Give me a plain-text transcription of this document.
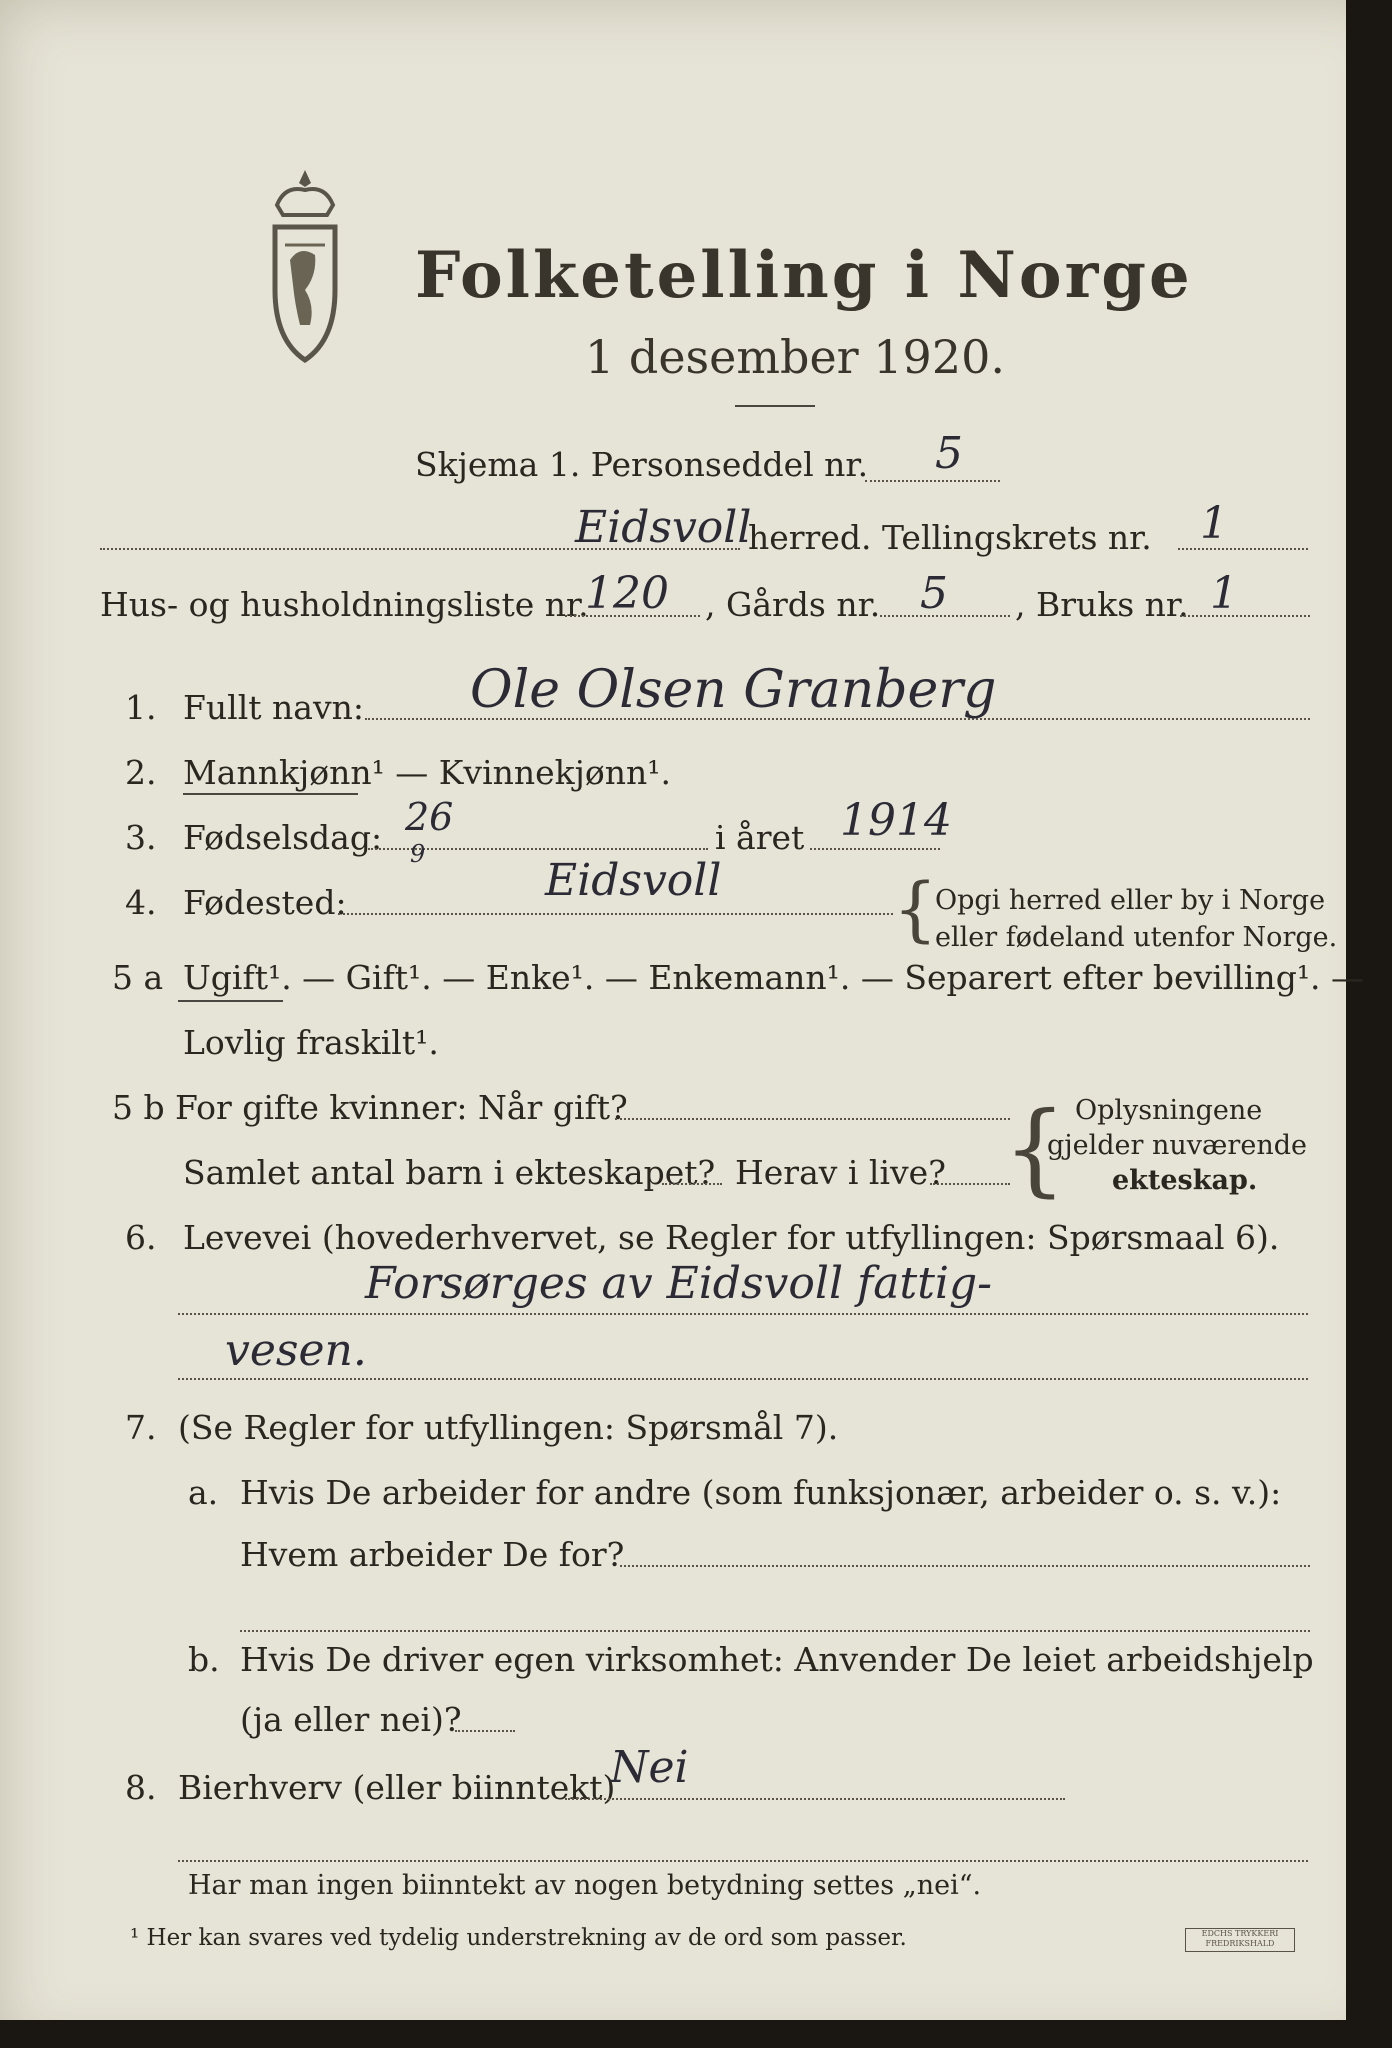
Folketelling i Norge
1 desember 1920.
Skjema 1. Personseddel nr. 5
Eidsvoll
herred. Tellingskrets nr. 1
Hus- og husholdningsliste nr.
120 , Gårds nr. 5 , Bruks nr. 1
1. Fullt navn: Ole Olsen Granberg
2. Mannkjønn¹ — Kvinnekjønn¹.
3. Fødselsdag: 26
9	i året 1914
4. Fødested:	Eidsvoll {
Opgi herred eller by i Norge
eller fødeland utenfor Norge.
5 a Ugift¹. — Gift¹. — Enke¹. — Enkemann¹. — Separert efter bevilling¹. —
Lovlig fraskilt¹.
5 b For gifte kvinner: Når gift?
Samlet antal barn i ekteskapet? Herav i live? { Oplysningene
gjelder nuværende
ekteskap.
6. Levevei (hovederhvervet, se Regler for utfyllingen: Spørsmaal 6).
Forsørges av Eidsvoll fattig-
vesen.
7. (Se Regler for utfyllingen: Spørsmål 7).
a. Hvis De arbeider for andre (som funksjonær, arbeider o. s. v.):
Hvem arbeider De for?
b. Hvis De driver egen virksomhet: Anvender De leiet arbeidshjelp
(ja eller nei)?
8. Bierhverv (eller biinntekt)
Nei
Har man ingen biinntekt av nogen betydning settes „nei“.
¹ Her kan svares ved tydelig understrekning av de ord som passer.	EDCHS TRYKKERI
FREDRIKSHALD
